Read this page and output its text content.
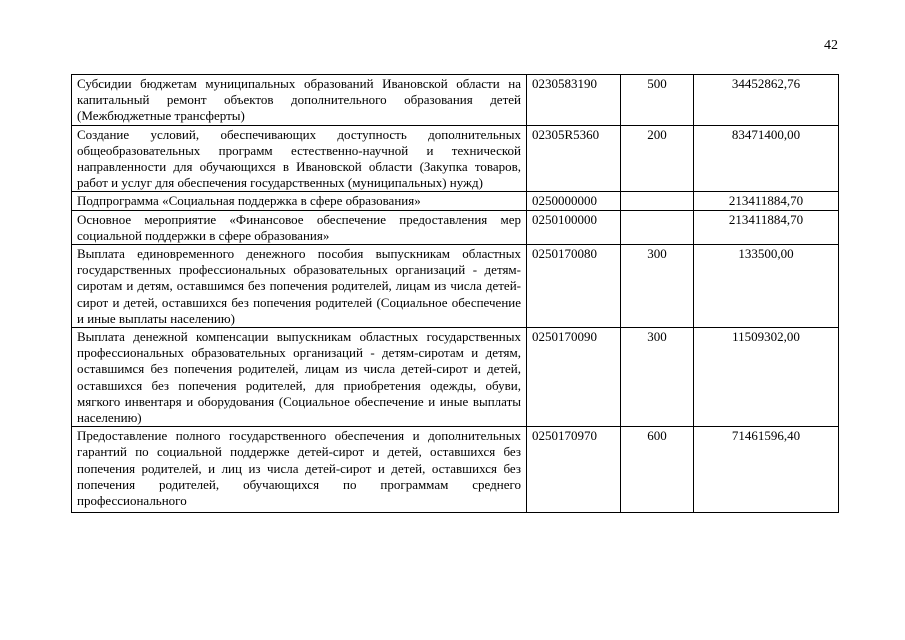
42
Субсидии бюджетам муниципальных образований Ивановской области на капитальный ремонт объектов дополнительного образования детей (Межбюджетные трансферты)	0230583190	500	34452862,76
Создание условий, обеспечивающих доступность дополнительных общеобразовательных программ естественно-научной и технической направленности для обучающихся в Ивановской области (Закупка товаров, работ и услуг для обеспечения государственных (муниципальных) нужд)	02305R5360	200	83471400,00
Подпрограмма «Социальная поддержка в сфере образования»	0250000000		213411884,70
Основное мероприятие «Финансовое обеспечение предоставления мер социальной поддержки в сфере образования»	0250100000		213411884,70
Выплата единовременного денежного пособия выпускникам областных государственных профессиональных образовательных организаций - детям-сиротам и детям, оставшимся без попечения родителей, лицам из числа детей-сирот и детей, оставшихся без попечения родителей (Социальное обеспечение и иные выплаты населению)	0250170080	300	133500,00
Выплата денежной компенсации выпускникам областных государственных профессиональных образовательных организаций - детям-сиротам и детям, оставшимся без попечения родителей, лицам из числа детей-сирот и детей, оставшихся без попечения родителей, для приобретения одежды, обуви, мягкого инвентаря и оборудования (Социальное обеспечение и иные выплаты населению)	0250170090	300	11509302,00
Предоставление полного государственного обеспечения и дополнительных гарантий по социальной поддержке детей-сирот и детей, оставшихся без попечения родителей, и лиц из числа детей-сирот и детей, оставшихся без попечения родителей, обучающихся по программам среднего профессионального	0250170970	600	71461596,40
